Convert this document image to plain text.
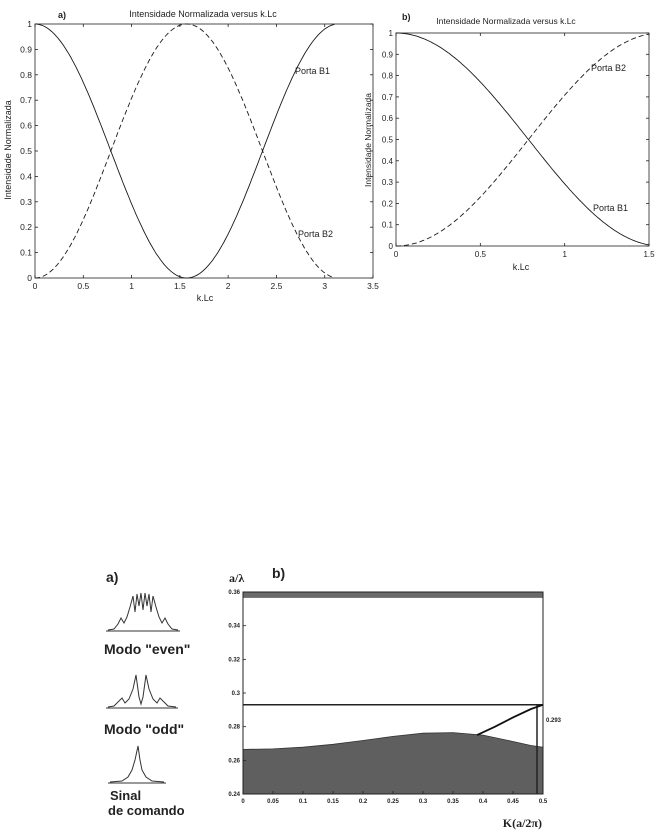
a)	Intensidade Normalizada versus k.Lc
k.Lc
Intensidade Normalizada
Porta B1
Porta B2
0	0.5	1	1.5	2	2.5	3	3.5
0
0.1
0.2
0.3
0.4
0.5
0.6
0.7
0.8
0.9
1
b)	Intensidade Normalizada versus k.Lc
k.Lc
Intensidade Normalizada
Porta B2
Porta B1
0	0.5	1	1.5
0
0.1
0.2
0.3
0.4
0.5
0.6
0.7
0.8
0.9
1
a)	b)
a/λ
K(a/2π)
0.293
Modo "even"
Modo "odd"
Sinal
de comando
0	0.05	0.1	0.15	0.2	0.25	0.3	0.35	0.4	0.45	0.5
0.24
0.26
0.28
0.3
0.32
0.34
0.36
